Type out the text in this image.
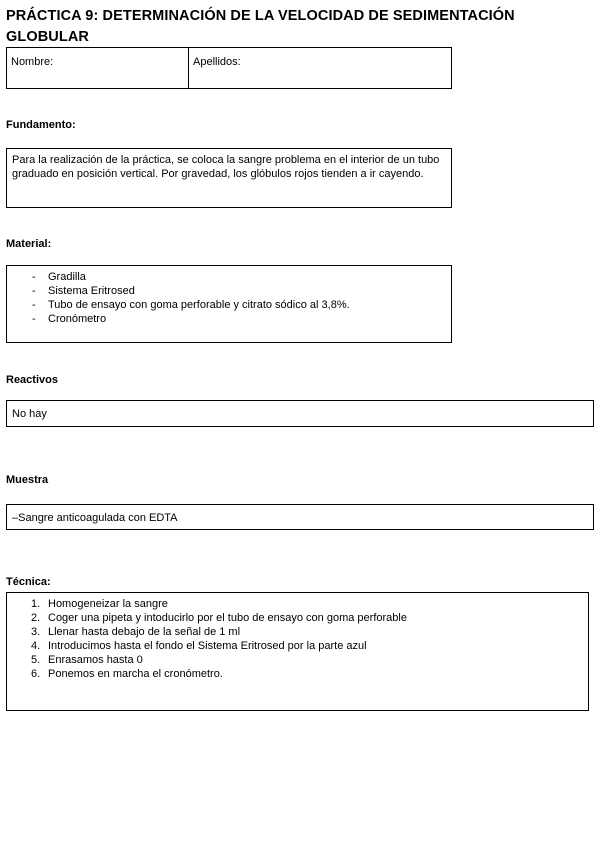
PRÁCTICA 9: DETERMINACIÓN DE LA VELOCIDAD DE SEDIMENTACIÓN GLOBULAR
Nombre:	Apellidos:
Fundamento:
Para la realización de la práctica, se coloca la sangre problema en el interior de un tubo graduado en posición vertical. Por gravedad, los glóbulos rojos tienden a ir cayendo.
Material:
- Gradilla
- Sistema Eritrosed
- Tubo de ensayo con goma perforable y citrato sódico al 3,8%.
- Cronómetro
Reactivos
No hay
Muestra
–Sangre anticoagulada con EDTA
Técnica:
Homogeneizar la sangre
Coger una pipeta y intoducirlo por el tubo de ensayo con goma perforable
Llenar hasta debajo de la señal de 1 ml
Introducimos hasta el fondo el Sistema Eritrosed por la parte azul
Enrasamos hasta 0
Ponemos en marcha el cronómetro.
